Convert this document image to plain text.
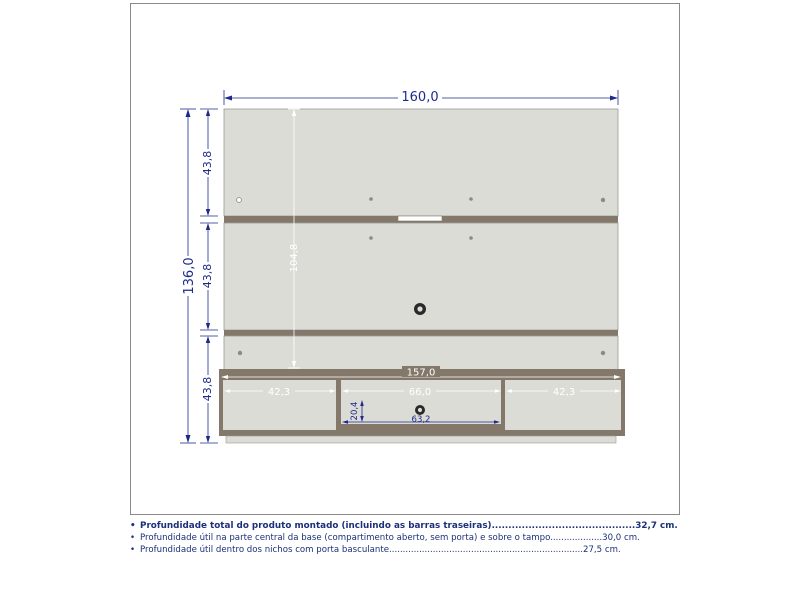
160,0
136,0
43,8
43,8
43,8
104,8
157,0
42,3	66,0	42,3
63,2
20,4
• Profundidade total do produto montado (incluindo as barras traseiras)...........................................32,7 cm.
• Profundidade útil na parte central da base (compartimento aberto, sem porta) e sobre o tampo...................30,0 cm.
• Profundidade útil dentro dos nichos com porta basculante.......................................................................27,5 cm.
